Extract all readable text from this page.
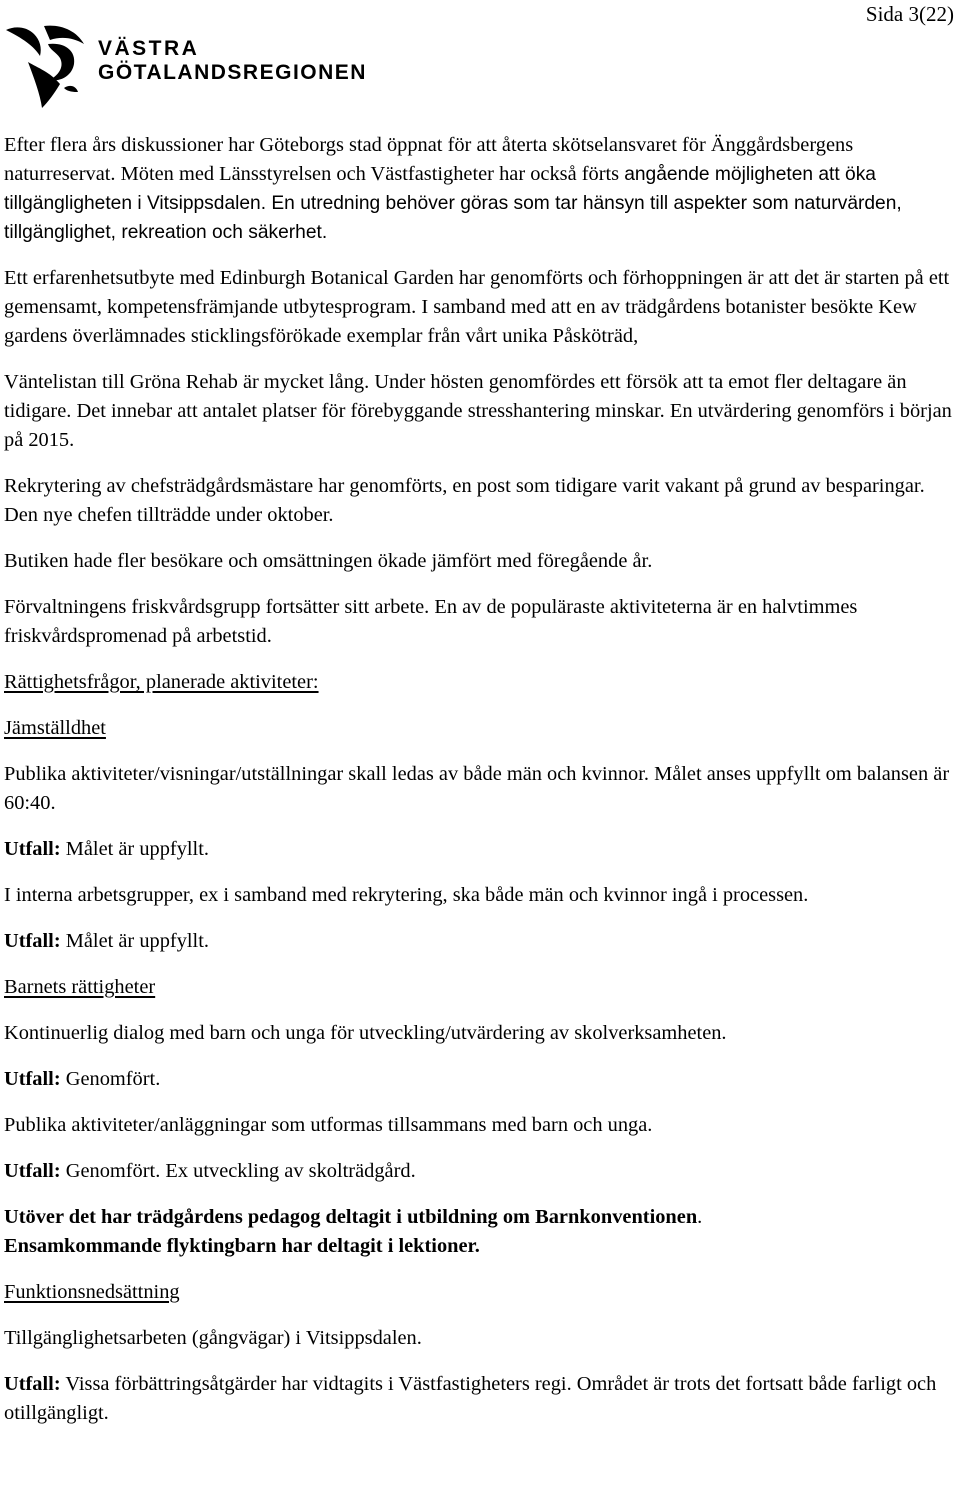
Sida 3(22)
VÄSTRA
GÖTALANDSREGIONEN
Efter flera års diskussioner har Göteborgs stad öppnat för att återta skötselansvaret för Änggårdsbergens naturreservat. Möten med Länsstyrelsen och Västfastigheter har också förts angående möjligheten att öka tillgängligheten i Vitsippsdalen. En utredning behöver göras som tar hänsyn till aspekter som naturvärden, tillgänglighet, rekreation och säkerhet.
Ett erfarenhetsutbyte med Edinburgh Botanical Garden har genomförts och förhoppningen är att det är starten på ett gemensamt, kompetensfrämjande utbytesprogram. I samband med att en av trädgårdens botanister besökte Kew gardens överlämnades sticklingsförökade exemplar från vårt unika Påsköträd,
Väntelistan till Gröna Rehab är mycket lång. Under hösten genomfördes ett försök att ta emot fler deltagare än tidigare. Det innebar att antalet platser för förebyggande stresshantering minskar. En utvärdering genomförs i början på 2015.
Rekrytering av chefsträdgårdsmästare har genomförts, en post som tidigare varit vakant på grund av besparingar. Den nye chefen tillträdde under oktober.
Butiken hade fler besökare och omsättningen ökade jämfört med föregående år.
Förvaltningens friskvårdsgrupp fortsätter sitt arbete. En av de populäraste aktiviteterna är en halvtimmes friskvårdspromenad på arbetstid.
Rättighetsfrågor, planerade aktiviteter:
Jämställdhet
Publika aktiviteter/visningar/utställningar skall ledas av både män och kvinnor. Målet anses uppfyllt om balansen är 60:40.
Utfall: Målet är uppfyllt.
I interna arbetsgrupper, ex i samband med rekrytering, ska både män och kvinnor ingå i processen.
Utfall: Målet är uppfyllt.
Barnets rättigheter
Kontinuerlig dialog med barn och unga för utveckling/utvärdering av skolverksamheten.
Utfall: Genomfört.
Publika aktiviteter/anläggningar som utformas tillsammans med barn och unga.
Utfall: Genomfört. Ex utveckling av skolträdgård.
Utöver det har trädgårdens pedagog deltagit i utbildning om Barnkonventionen.
Ensamkommande flyktingbarn har deltagit i lektioner.
Funktionsnedsättning
Tillgänglighetsarbeten (gångvägar) i Vitsippsdalen.
Utfall: Vissa förbättringsåtgärder har vidtagits i Västfastigheters regi. Området är trots det fortsatt både farligt och otillgängligt.
